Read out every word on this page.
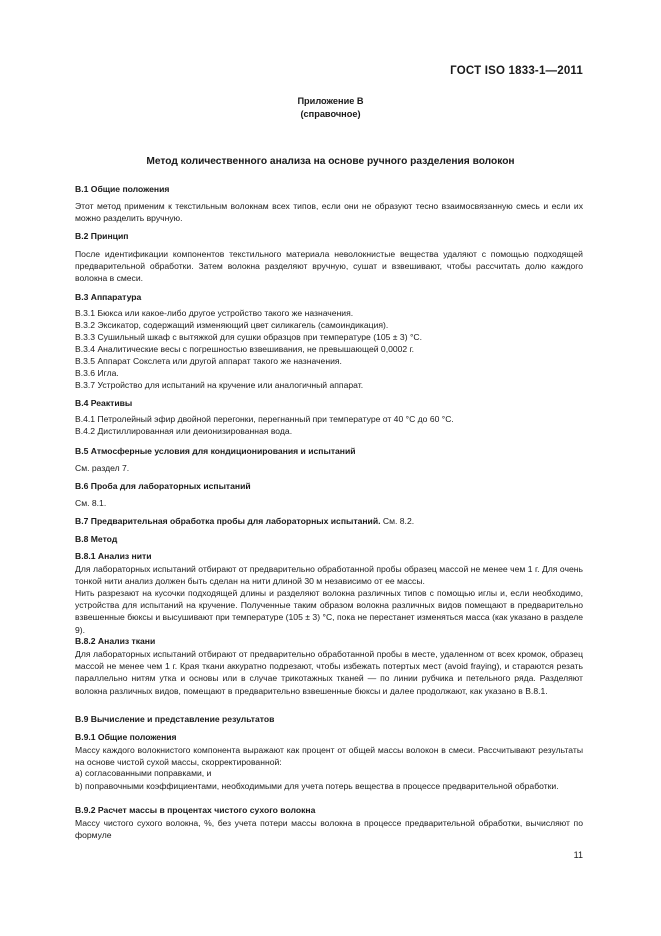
ГОСТ ISO 1833-1—2011
Приложение В
(справочное)
Метод количественного анализа на основе ручного разделения волокон
В.1 Общие положения

Этот метод применим к текстильным волокнам всех типов, если они не образуют тесно взаимосвязанную смесь и если их можно разделить вручную.

В.2 Принцип

После идентификации компонентов текстильного материала неволокнистые вещества удаляют с помощью подходящей предварительной обработки. Затем волокна разделяют вручную, сушат и взвешивают, чтобы рассчитать долю каждого волокна в смеси.

В.3 Аппаратура
В.3.1 Бюкса или какое-либо другое устройство такого же назначения.
В.3.2 Эксикатор, содержащий изменяющий цвет силикагель (самоиндикация).
В.3.3 Сушильный шкаф с вытяжкой для сушки образцов при температуре (105 ± 3) °С.
В.3.4 Аналитические весы с погрешностью взвешивания, не превышающей 0,0002 г.
В.3.5 Аппарат Сокслета или другой аппарат такого же назначения.
В.3.6 Игла.
В.3.7 Устройство для испытаний на кручение или аналогичный аппарат.
В.4 Реактивы
В.4.1 Петролейный эфир двойной перегонки, перегнанный при температуре от 40 °С до 60 °С.
В.4.2 Дистиллированная или деионизированная вода.
В.5 Атмосферные условия для кондиционирования и испытаний
См. раздел 7.
В.6 Проба для лабораторных испытаний
См. 8.1.
В.7 Предварительная обработка пробы для лабораторных испытаний. См. 8.2.
В.8 Метод
В.8.1 Анализ нити

Для лабораторных испытаний отбирают от предварительно обработанной пробы образец массой не менее чем 1 г. Для очень тонкой нити анализ должен быть сделан на нити длиной 30 м независимо от ее массы.

Нить разрезают на кусочки подходящей длины и разделяют волокна различных типов с помощью иглы и, если необходимо, устройства для испытаний на кручение. Полученные таким образом волокна различных видов помещают в предварительно взвешенные бюксы и высушивают при температуре (105 ± 3) °С, пока не перестанет изменяться масса (как указано в разделе 9).

В.8.2 Анализ ткани

Для лабораторных испытаний отбирают от предварительно обработанной пробы в месте, удаленном от всех кромок, образец массой не менее чем 1 г. Края ткани аккуратно подрезают, чтобы избежать потертых мест (avoid fraying), и стараются резать параллельно нитям утка и основы или в случае трикотажных тканей — по линии рубчика и петельного ряда. Разделяют волокна различных видов, помещают в предварительно взвешенные бюксы и далее продолжают, как указано в В.8.1.

В.9 Вычисление и представление результатов
В.9.1 Общие положения

Массу каждого волокнистого компонента выражают как процент от общей массы волокон в смеси. Рассчитывают результаты на основе чистой сухой массы, скорректированной:

а) согласованными поправками, и

b) поправочными коэффициентами, необходимыми для учета потерь вещества в процессе предварительной обработки.

В.9.2 Расчет массы в процентах чистого сухого волокна

Массу чистого сухого волокна, %, без учета потери массы волокна в процессе предварительной обработки, вычисляют по формуле

11
